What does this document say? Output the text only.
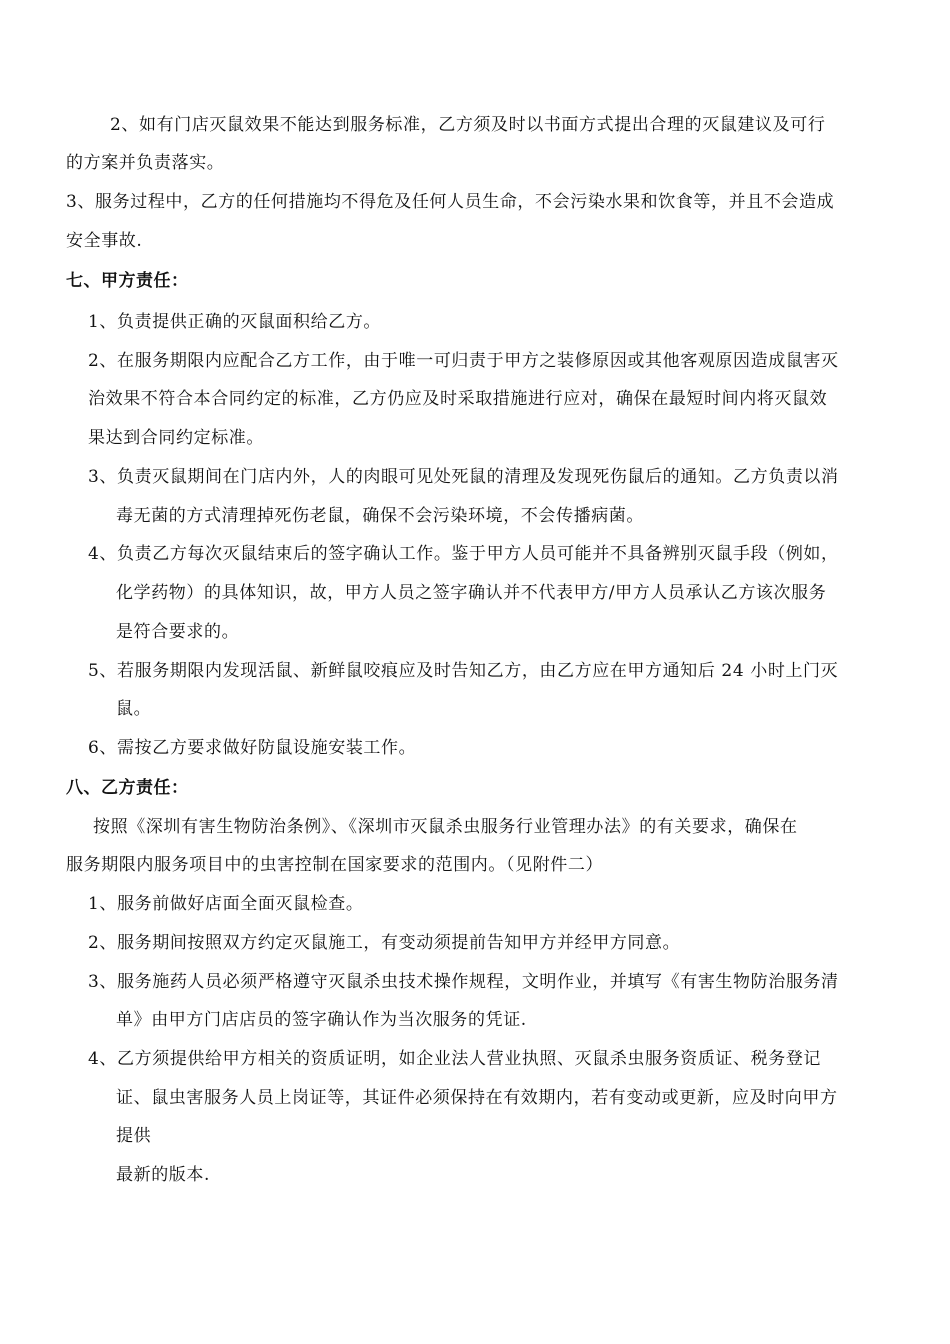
2、如有门店灭鼠效果不能达到服务标准，乙方须及时以书面方式提出合理的灭鼠建议及可行
的方案并负责落实。
3、服务过程中，乙方的任何措施均不得危及任何人员生命，不会污染水果和饮食等，并且不会造成
安全事故.
七、甲方责任：
1、负责提供正确的灭鼠面积给乙方。
2、在服务期限内应配合乙方工作，由于唯一可归责于甲方之装修原因或其他客观原因造成鼠害灭
治效果不符合本合同约定的标准，乙方仍应及时采取措施进行应对，确保在最短时间内将灭鼠效
果达到合同约定标准。
3、负责灭鼠期间在门店内外，人的肉眼可见处死鼠的清理及发现死伤鼠后的通知。乙方负责以消
毒无菌的方式清理掉死伤老鼠，确保不会污染环境，不会传播病菌。
4、负责乙方每次灭鼠结束后的签字确认工作。鉴于甲方人员可能并不具备辨别灭鼠手段（例如，
化学药物）的具体知识，故，甲方人员之签字确认并不代表甲方/甲方人员承认乙方该次服务
是符合要求的。
5、若服务期限内发现活鼠、新鲜鼠咬痕应及时告知乙方，由乙方应在甲方通知后 24 小时上门灭
鼠。
6、需按乙方要求做好防鼠设施安装工作。
八、乙方责任：
按照《深圳有害生物防治条例》、《深圳市灭鼠杀虫服务行业管理办法》的有关要求，确保在
服务期限内服务项目中的虫害控制在国家要求的范围内。（见附件二）
1、服务前做好店面全面灭鼠检查。
2、服务期间按照双方约定灭鼠施工，有变动须提前告知甲方并经甲方同意。
3、服务施药人员必须严格遵守灭鼠杀虫技术操作规程，文明作业，并填写《有害生物防治服务清
单》由甲方门店店员的签字确认作为当次服务的凭证.
4、乙方须提供给甲方相关的资质证明，如企业法人营业执照、灭鼠杀虫服务资质证、税务登记
证、鼠虫害服务人员上岗证等，其证件必须保持在有效期内，若有变动或更新，应及时向甲方
提供
最新的版本.
